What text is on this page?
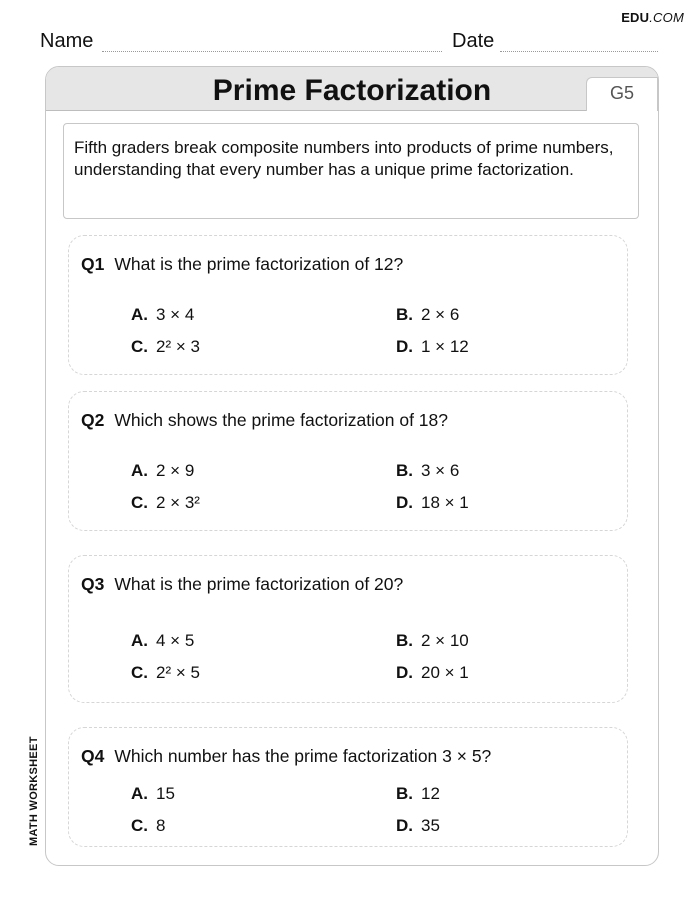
EDU.COM
Name	Date
Prime Factorization	G5
Fifth graders break composite numbers into products of prime numbers, understanding that every number has a unique prime factorization.
Q1 What is the prime factorization of 12?
A. 3 × 4	B. 2 × 6
C. 2² × 3	D. 1 × 12
Q2 Which shows the prime factorization of 18?
A. 2 × 9	B. 3 × 6
C. 2 × 3²	D. 18 × 1
Q3 What is the prime factorization of 20?
A. 4 × 5	B. 2 × 10
C. 2² × 5	D. 20 × 1
Q4 Which number has the prime factorization 3 × 5?
A. 15	B. 12
C. 8	D. 35
MATH WORKSHEET
